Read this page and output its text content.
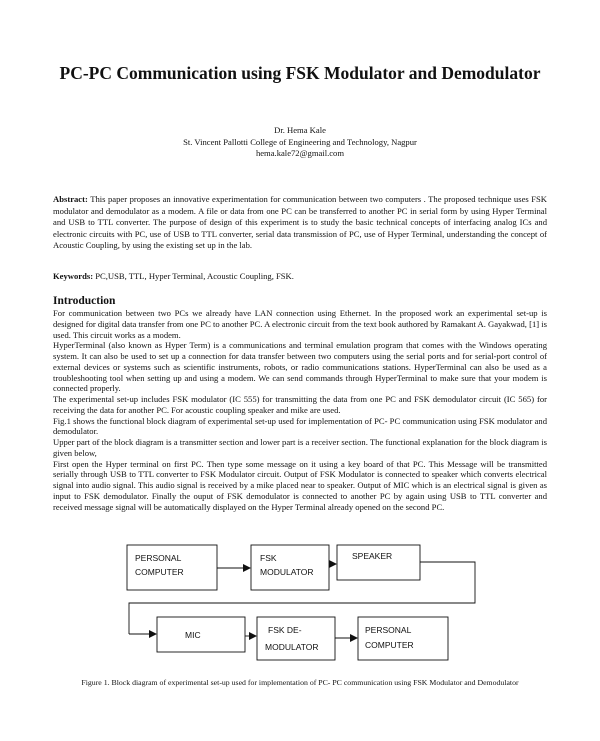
PC-PC Communication using FSK Modulator and Demodulator
Dr. Hema Kale
St. Vincent Pallotti College of Engineering and Technology, Nagpur
hema.kale72@gmail.com

Abstract: This paper proposes an innovative experimentation for communication between two computers . The proposed technique uses FSK modulator and demodulator as a modem. A file or data from one PC can be transferred to another PC in serial form by using Hyper Terminal and USB to TTL converter. The purpose of design of this experiment is to study the basic technical concepts of interfacing analog ICs and electronic circuits with PC, use of USB to TTL converter, serial data transmission of PC, use of Hyper Terminal, understanding the concept of Acoustic Coupling, by using the existing set up in the lab.

Keywords: PC,USB, TTL, Hyper Terminal, Acoustic Coupling, FSK.

Introduction

For communication between two PCs we already have LAN connection using Ethernet. In the proposed work an experimental set-up is designed for digital data transfer from one PC to another PC. A electronic circuit from the text book authored by Ramakant A. Gayakwad, [1] is used. This circuit works as a modem.

HyperTerminal (also known as Hyper Term) is a communications and terminal emulation program that comes with the Windows operating system. It can also be used to set up a connection for data transfer between two computers using the serial ports and for serial-port control of external devices or systems such as scientific instruments, robots, or radio communications stations. HyperTerminal can also be used as a troubleshooting tool when setting up and using a modem. We can send commands through HyperTerminal to make sure that your modem is connected properly.

The experimental set-up includes FSK modulator (IC 555) for transmitting the data from one PC and FSK demodulator circuit (IC 565) for receiving the data for another PC. For acoustic coupling speaker and mike are used.

Fig.1 shows the functional block diagram of experimental set-up used for implementation of PC- PC communication using FSK modulator and demodulator.

Upper part of the block diagram is a transmitter section and lower part is a receiver section. The functional explanation for the block diagram is given below,

First open the Hyper terminal on first PC. Then type some message on it using a key board of that PC. This Message will be transmitted serially through USB to TTL converter to FSK Modulator circuit. Output of FSK Modulator is connected to speaker which converts electrical signal into audio signal. This audio signal is received by a mike placed near to speaker. Output of MIC which is an electrical signal is given as input to FSK demodulator. Finally the ouput of FSK demodulator is connected to another PC by again using USB to TTL converter and received message signal will be automatically displayed on the Hyper Terminal already opened on the second PC.

PERSONAL
COMPUTER
FSK
MODULATOR
SPEAKER
MIC	FSK DE-
MODULATOR
PERSONAL
COMPUTER

Figure 1. Block diagram of experimental set-up used for implementation of PC- PC communication using FSK Modulator and Demodulator
